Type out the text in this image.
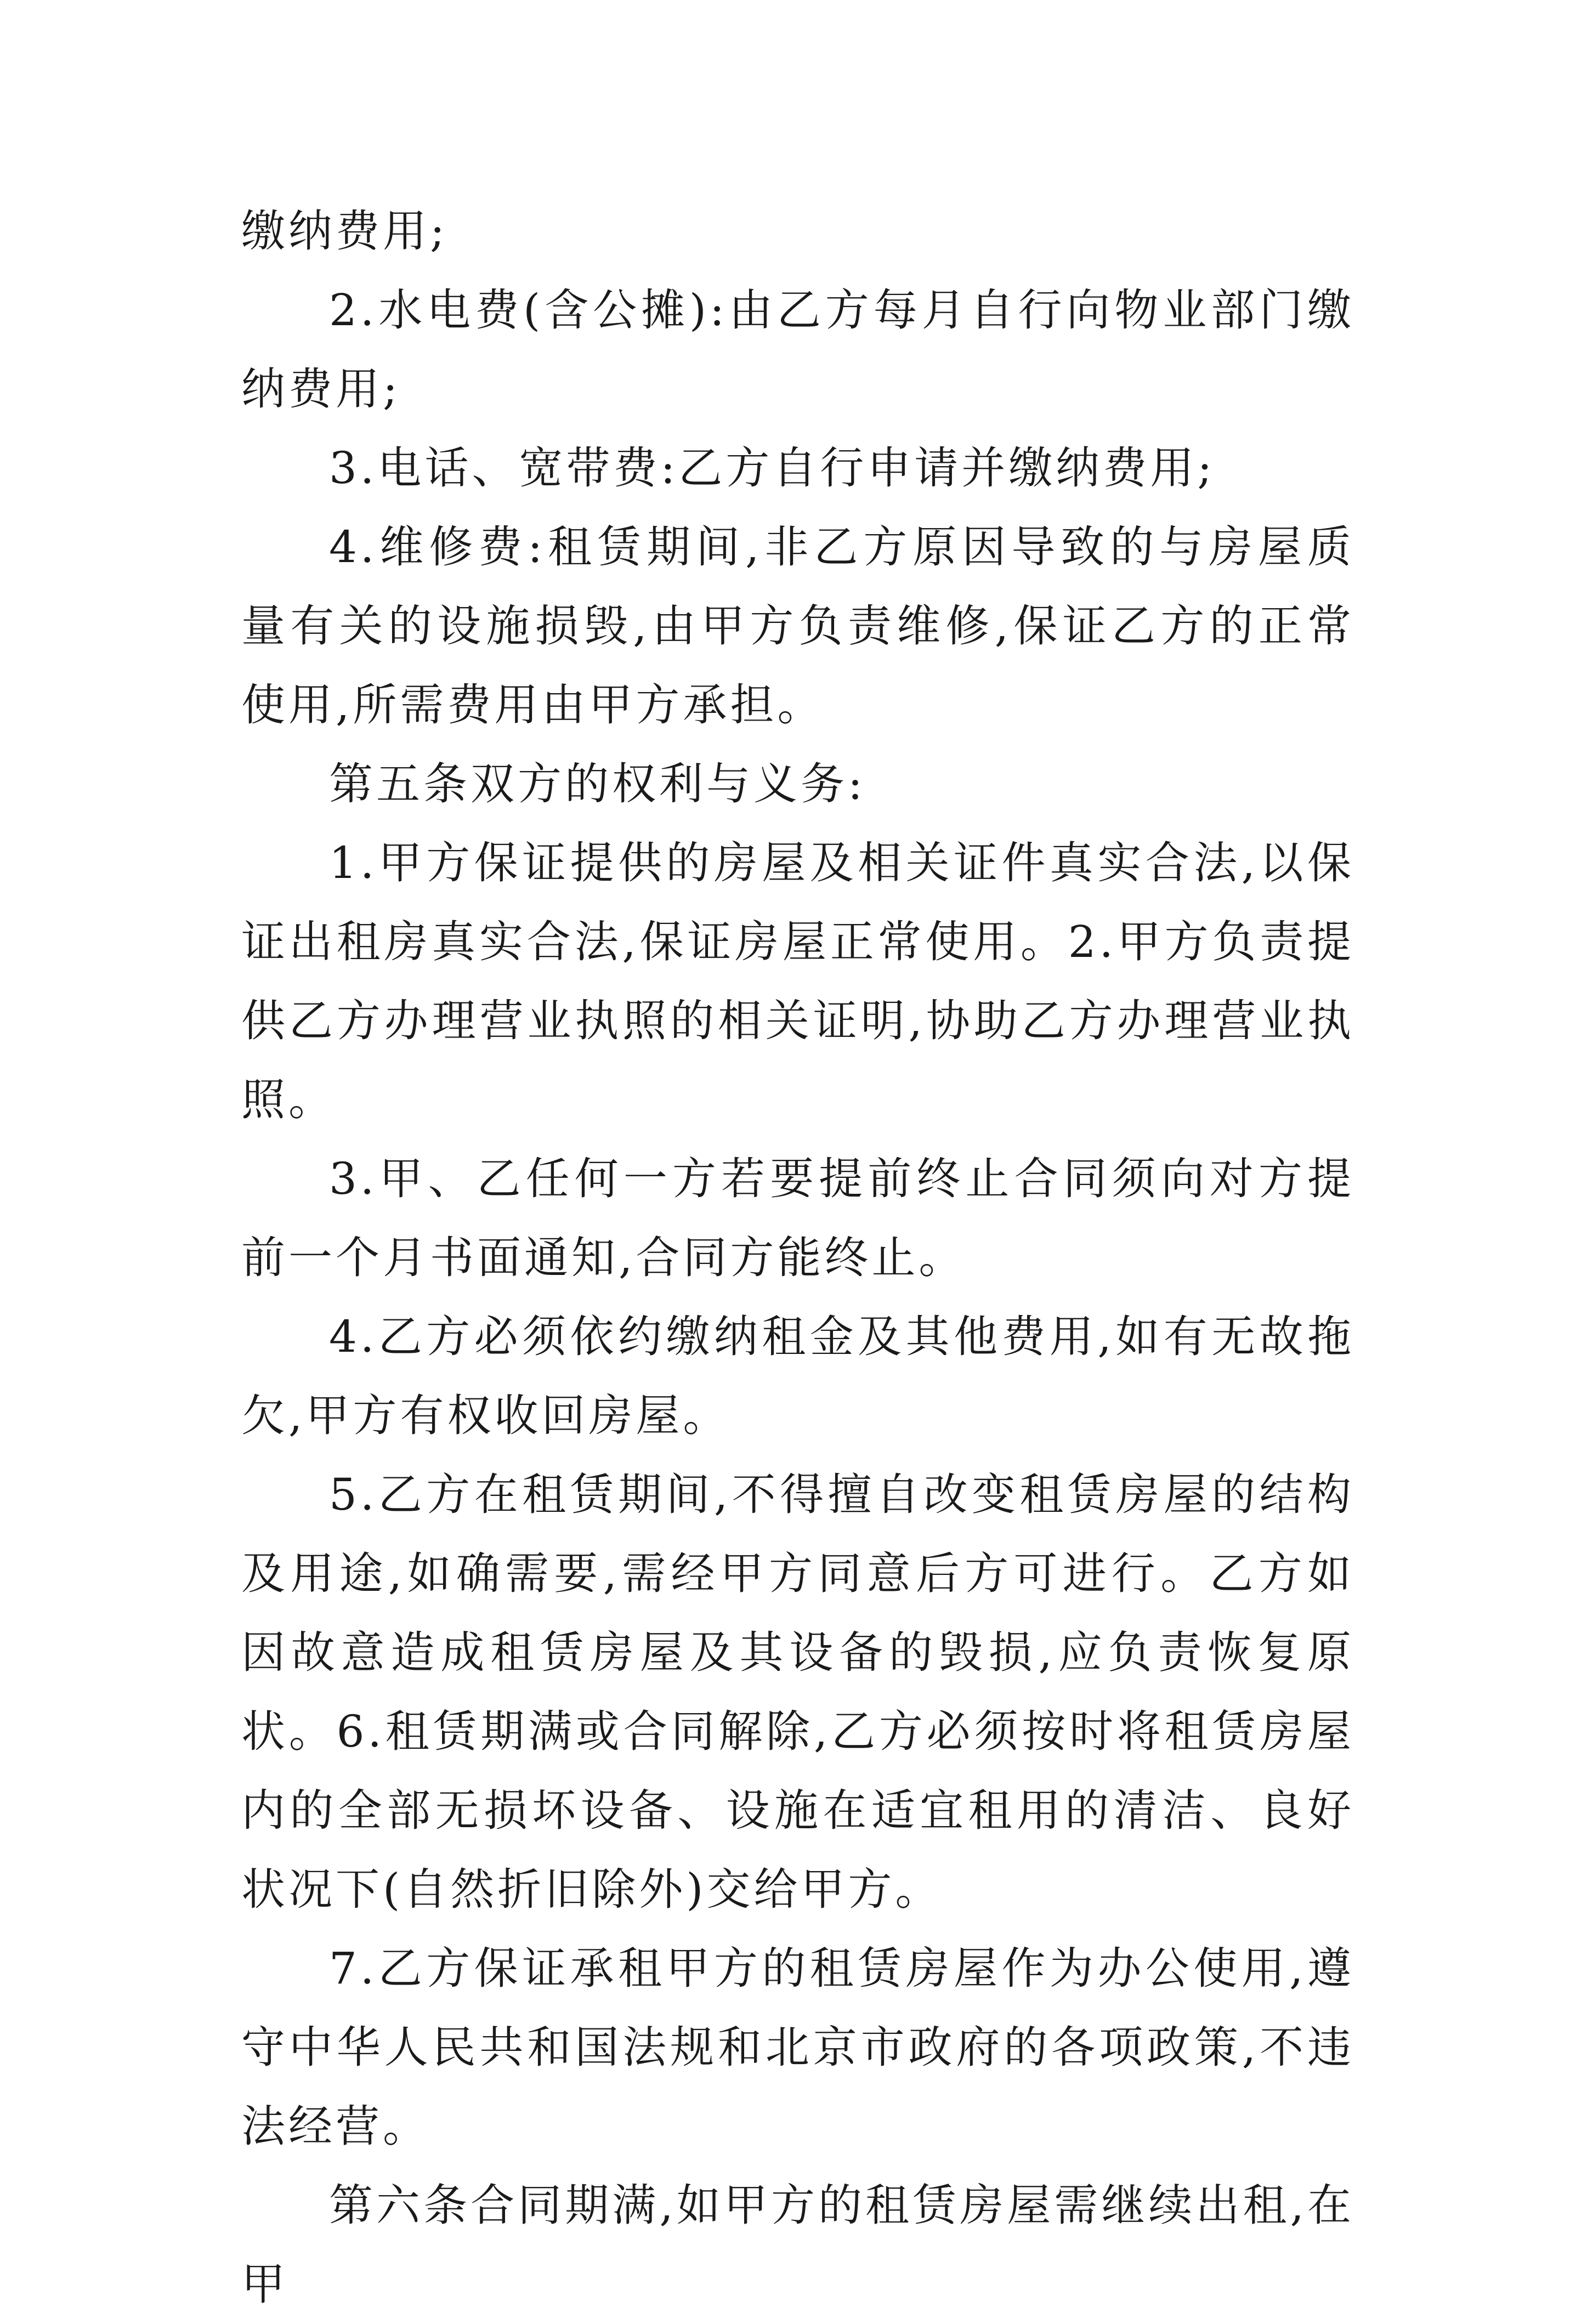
缴纳费用;

2.水电费(含公摊):由乙方每月自行向物业部门缴纳费用;

3.电话、宽带费:乙方自行申请并缴纳费用;

4.维修费:租赁期间,非乙方原因导致的与房屋质量有关的设施损毁,由甲方负责维修,保证乙方的正常使用,所需费用由甲方承担。

第五条双方的权利与义务:

1.甲方保证提供的房屋及相关证件真实合法,以保证出租房真实合法,保证房屋正常使用。2.甲方负责提供乙方办理营业执照的相关证明,协助乙方办理营业执照。

3.甲、乙任何一方若要提前终止合同须向对方提前一个月书面通知,合同方能终止。

4.乙方必须依约缴纳租金及其他费用,如有无故拖欠,甲方有权收回房屋。

5.乙方在租赁期间,不得擅自改变租赁房屋的结构及用途,如确需要,需经甲方同意后方可进行。乙方如因故意造成租赁房屋及其设备的毁损,应负责恢复原状。6.租赁期满或合同解除,乙方必须按时将租赁房屋内的全部无损坏设备、设施在适宜租用的清洁、良好状况下(自然折旧除外)交给甲方。

7.乙方保证承租甲方的租赁房屋作为办公使用,遵守中华人民共和国法规和北京市政府的各项政策,不违法经营。

第六条合同期满,如甲方的租赁房屋需继续出租,在甲
